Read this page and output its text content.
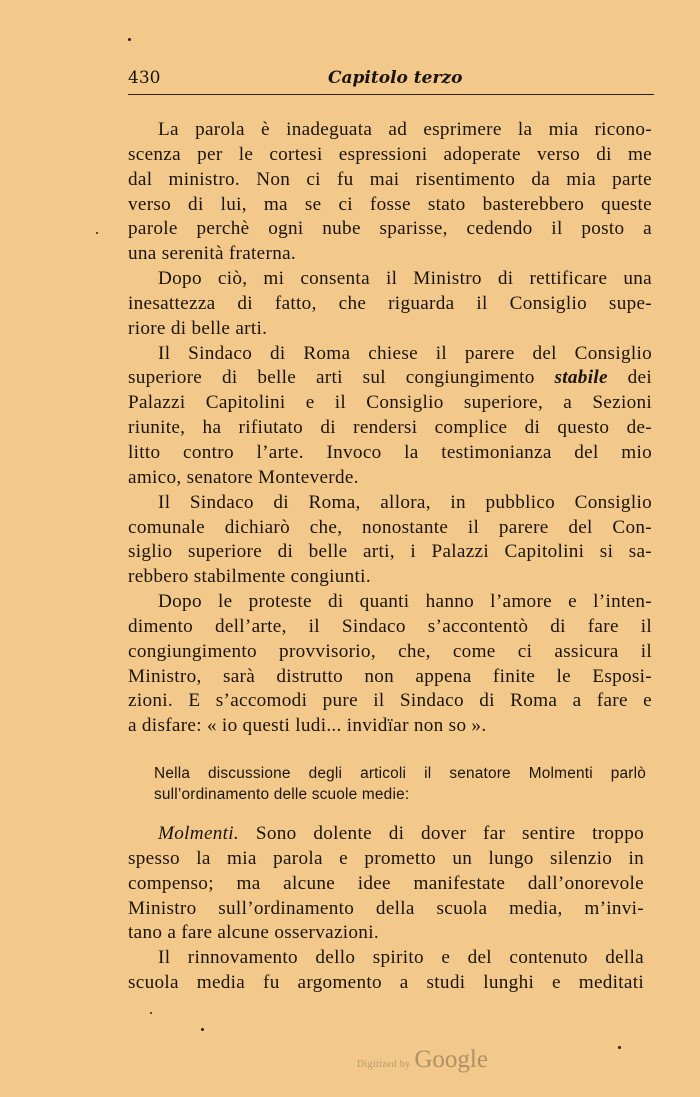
430	Capitolo terzo
La parola è inadeguata ad esprimere la mia ricono-
scenza per le cortesi espressioni adoperate verso di me
dal ministro. Non ci fu mai risentimento da mia parte
verso di lui, ma se ci fosse stato basterebbero queste
parole perchè ogni nube sparisse, cedendo il posto a
una serenità fraterna.
Dopo ciò, mi consenta il Ministro di rettificare una
inesattezza di fatto, che riguarda il Consiglio supe-
riore di belle arti.
Il Sindaco di Roma chiese il parere del Consiglio
superiore di belle arti sul congiungimento stabile dei
Palazzi Capitolini e il Consiglio superiore, a Sezioni
riunite, ha rifiutato di rendersi complice di questo de-
litto contro l’arte. Invoco la testimonianza del mio
amico, senatore Monteverde.
Il Sindaco di Roma, allora, in pubblico Consiglio
comunale dichiarò che, nonostante il parere del Con-
siglio superiore di belle arti, i Palazzi Capitolini si sa-
rebbero stabilmente congiunti.
Dopo le proteste di quanti hanno l’amore e l’inten-
dimento dell’arte, il Sindaco s’accontentò di fare il
congiungimento provvisorio, che, come ci assicura il
Ministro, sarà distrutto non appena finite le Esposi-
zioni. E s’accomodi pure il Sindaco di Roma a fare e
a disfare: « io questi ludi... invidïar non so ».
Nella discussione degli articoli il senatore Molmenti parlò
sull’ordinamento delle scuole medie:
Molmenti. Sono dolente di dover far sentire troppo
spesso la mia parola e prometto un lungo silenzio in
compenso; ma alcune idee manifestate dall’onorevole
Ministro sull’ordinamento della scuola media, m’invi-
tano a fare alcune osservazioni.
Il rinnovamento dello spirito e del contenuto della
scuola media fu argomento a studi lunghi e meditati
Digitized by Google
